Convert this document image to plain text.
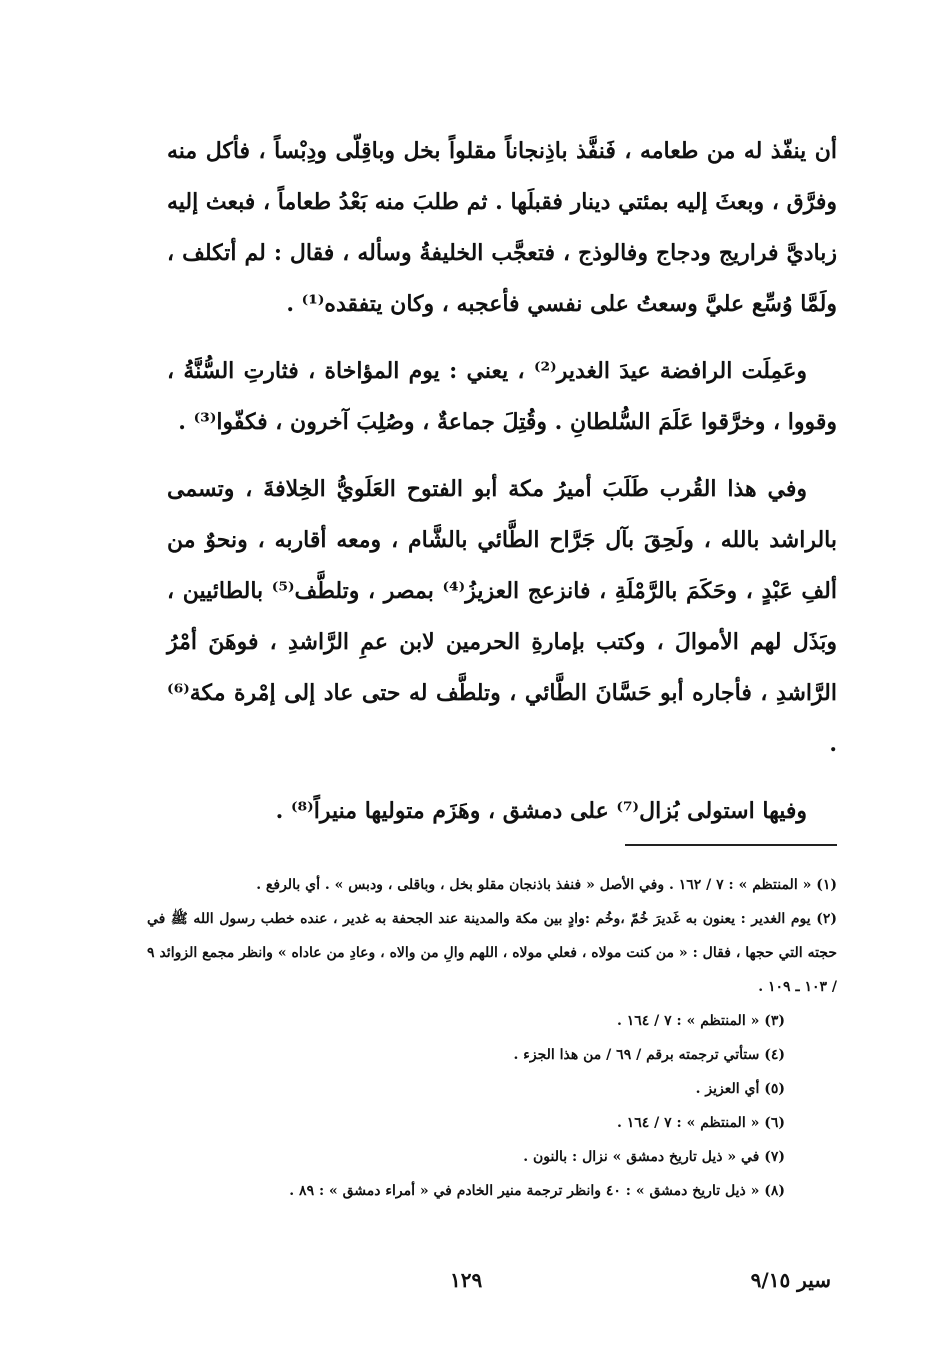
أن ينفّذ له من طعامه ، فَنفَّذ باذِنجاناً مقلواً بخل وباقِلّى ودِبْساً ، فأكل منه وفرَّق ، وبعثَ إليه بمئتي دينار فقبلَها . ثم طلبَ منه بَعْدُ طعاماً ، فبعث إليه زباديَّ فراريج ودجاج وفالوذج ، فتعجَّب الخليفةُ وسأله ، فقال : لم أتكلف ، ولَمَّا وُسِّع عليَّ وسعتُ على نفسي فأعجبه ، وكان يتفقده⁽¹⁾ .

وعَمِلَت الرافضة عيدَ الغدير⁽²⁾ ، يعني : يوم المؤاخاة ، فثارتِ السُّنَّةُ ، وقووا ، وخرَّقوا عَلَمَ السُّلطانِ . وقُتِلَ جماعةٌ ، وصُلِبَ آخرون ، فكفّوا⁽³⁾ .

وفي هذا القُرب طَلَبَ أميرُ مكة أبو الفتوح العَلَويُّ الخِلافةَ ، وتسمى بالراشد بالله ، ولَحِقَ بآل جَرَّاح الطَّائي بالشَّام ، ومعه أقاربه ، ونحوٌ من ألفِ عَبْدٍ ، وحَكَمَ بالرَّمْلَةِ ، فانزعج العزيزُ⁽⁴⁾ بمصر ، وتلطَّف⁽⁵⁾ بالطائيين ، وبَذَل لهم الأموالَ ، وكتب بإمارةِ الحرمين لابن عمِ الرَّاشدِ ، فوهَنَ أمْرُ الرَّاشدِ ، فأجاره أبو حَسَّانَ الطَّائي ، وتلطَّف له حتى عاد إلى إمْرة مكة⁽⁶⁾ .

وفيها استولى بُزال⁽⁷⁾ على دمشق ، وهَزَم متوليها منيراً⁽⁸⁾ .

(١) « المنتظم » : ٧ / ١٦٢ . وفي الأصل « فنفذ باذنجان مقلو بخل ، وباقلى ، ودبس » . أي بالرفع .

(٢) يوم الغدير : يعنون به غَديرَ خُمّ ،وخُم :وادٍ بين مكة والمدينة عند الجحفة به غدير ، عنده خطب رسول الله ﷺ في حجته التي حجها ، فقال : « من كنت مولاه ، فعلي مولاه ، اللهم والِ من والاه ، وعادِ من عاداه » وانظر مجمع الزوائد ٩ / ١٠٣ ـ ١٠٩ .

(٣) « المنتظم » : ٧ / ١٦٤ .

(٤) ستأتي ترجمته برقم / ٦٩ / من هذا الجزء .

(٥) أي العزيز .

(٦) « المنتظم » : ٧ / ١٦٤ .

(٧) في « ذيل تاريخ دمشق » نزال : بالنون .

(٨) « ذيل تاريخ دمشق » : ٤٠ وانظر ترجمة منير الخادم في « أمراء دمشق » : ٨٩ .

سير ٩/١٥
١٢٩
